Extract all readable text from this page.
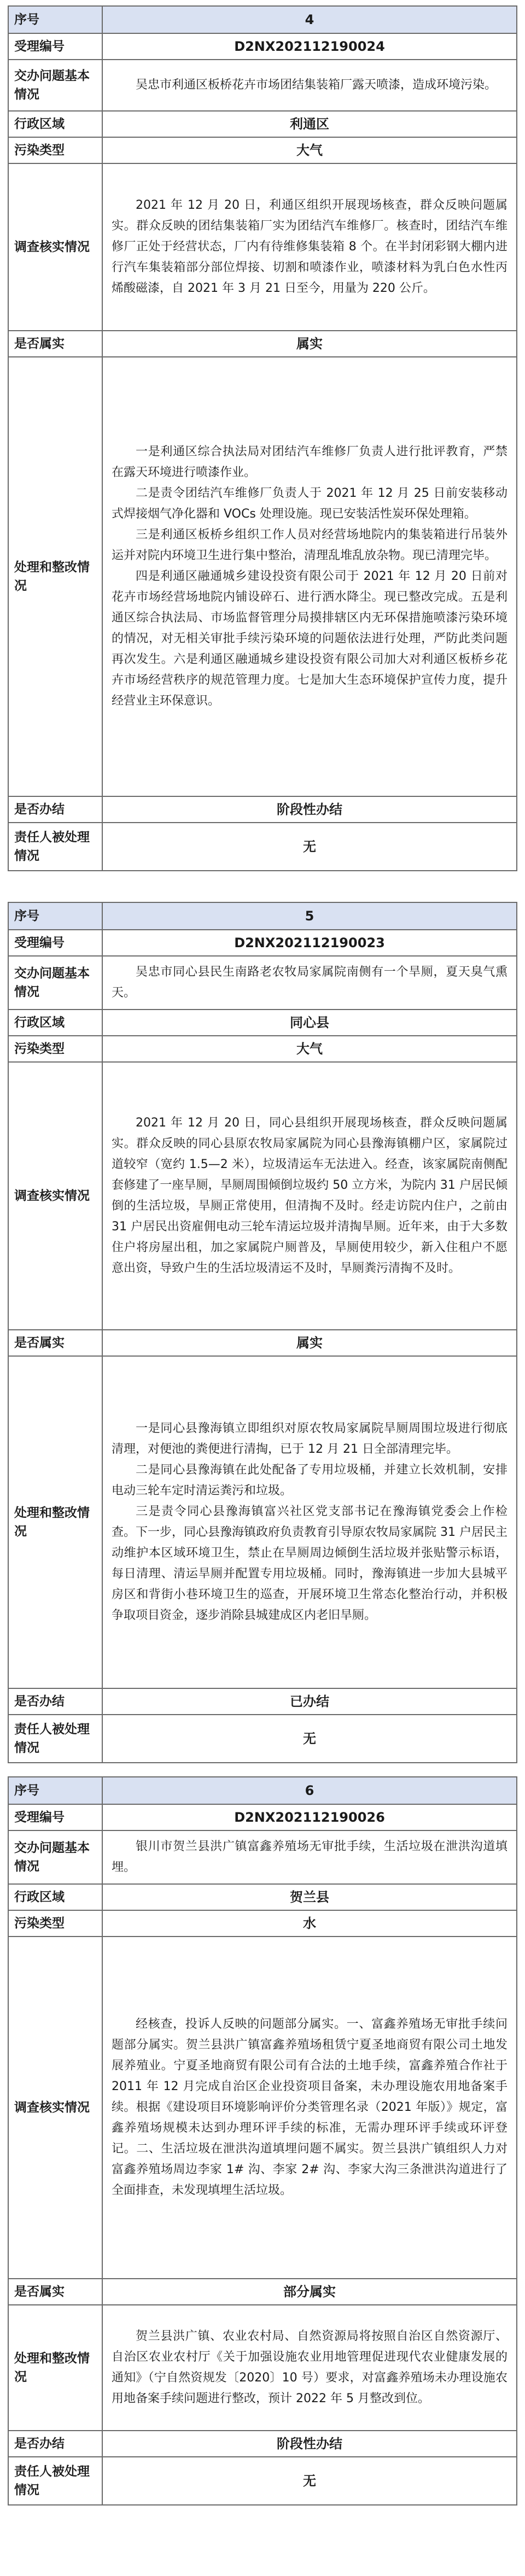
序号	4
受理编号	D2NX202112190024
交办问题基本情况	吴忠市利通区板桥花卉市场团结集装箱厂露天喷漆，造成环境污染。

行政区域	利通区
污染类型	大气
调查核实情况	2021 年 12 月 20 日，利通区组织开展现场核查，群众反映问题属实。群众反映的团结集装箱厂实为团结汽车维修厂。核查时，团结汽车维修厂正处于经营状态，厂内有待维修集装箱 8 个。在半封闭彩钢大棚内进行汽车集装箱部分部位焊接、切割和喷漆作业，喷漆材料为乳白色水性丙烯酸磁漆，自 2021 年 3 月 21 日至今，用量为 220 公斤。

是否属实	属实
处理和整改情况	一是利通区综合执法局对团结汽车维修厂负责人进行批评教育，严禁在露天环境进行喷漆作业。

二是责令团结汽车维修厂负责人于 2021 年 12 月 25 日前安装移动式焊接烟气净化器和 VOCs 处理设施。现已安装活性炭环保处理箱。

三是利通区板桥乡组织工作人员对经营场地院内的集装箱进行吊装外运并对院内环境卫生进行集中整治，清理乱堆乱放杂物。现已清理完毕。

四是利通区融通城乡建设投资有限公司于 2021 年 12 月 20 日前对花卉市场经营场地院内铺设碎石、进行洒水降尘。现已整改完成。五是利通区综合执法局、市场监督管理分局摸排辖区内无环保措施喷漆污染环境的情况，对无相关审批手续污染环境的问题依法进行处理，严防此类问题再次发生。六是利通区融通城乡建设投资有限公司加大对利通区板桥乡花卉市场经营秩序的规范管理力度。七是加大生态环境保护宣传力度，提升经营业主环保意识。

是否办结	阶段性办结
责任人被处理情况	无
序号	5
受理编号	D2NX202112190023
交办问题基本情况	吴忠市同心县民生南路老农牧局家属院南侧有一个旱厕，夏天臭气熏天。

行政区域	同心县
污染类型	大气
调查核实情况	2021 年 12 月 20 日，同心县组织开展现场核查，群众反映问题属实。群众反映的同心县原农牧局家属院为同心县豫海镇棚户区，家属院过道较窄（宽约 1.5—2 米），垃圾清运车无法进入。经查，该家属院南侧配套修建了一座旱厕，旱厕周围倾倒垃圾约 50 立方米，为院内 31 户居民倾倒的生活垃圾，旱厕正常使用，但清掏不及时。经走访院内住户，之前由 31 户居民出资雇佣电动三轮车清运垃圾并清掏旱厕。近年来，由于大多数住户将房屋出租，加之家属院户厕普及，旱厕使用较少，新入住租户不愿意出资，导致户生的生活垃圾清运不及时，旱厕粪污清掏不及时。

是否属实	属实
处理和整改情况	一是同心县豫海镇立即组织对原农牧局家属院旱厕周围垃圾进行彻底清理，对便池的粪便进行清掏，已于 12 月 21 日全部清理完毕。

二是同心县豫海镇在此处配备了专用垃圾桶，并建立长效机制，安排电动三轮车定时清运粪污和垃圾。

三是责令同心县豫海镇富兴社区党支部书记在豫海镇党委会上作检查。下一步，同心县豫海镇政府负责教育引导原农牧局家属院 31 户居民主动维护本区域环境卫生，禁止在旱厕周边倾倒生活垃圾并张贴警示标语，每日清理、清运旱厕并配置专用垃圾桶。同时，豫海镇进一步加大县城平房区和背街小巷环境卫生的巡查，开展环境卫生常态化整治行动，并积极争取项目资金，逐步消除县城建成区内老旧旱厕。

是否办结	已办结
责任人被处理情况	无
序号	6
受理编号	D2NX202112190026
交办问题基本情况	银川市贺兰县洪广镇富鑫养殖场无审批手续，生活垃圾在泄洪沟道填埋。

行政区域	贺兰县
污染类型	水
调查核实情况	经核查，投诉人反映的问题部分属实。一、富鑫养殖场无审批手续问题部分属实。贺兰县洪广镇富鑫养殖场租赁宁夏圣地商贸有限公司土地发展养殖业。宁夏圣地商贸有限公司有合法的土地手续，富鑫养殖合作社于 2011 年 12 月完成自治区企业投资项目备案，未办理设施农用地备案手续。根据《建设项目环境影响评价分类管理名录（2021 年版）》规定，富鑫养殖场规模未达到办理环评手续的标准，无需办理环评手续或环评登记。二、生活垃圾在泄洪沟道填埋问题不属实。贺兰县洪广镇组织人力对富鑫养殖场周边李家 1# 沟、李家 2# 沟、李家大沟三条泄洪沟道进行了全面排查，未发现填埋生活垃圾。

是否属实	部分属实
处理和整改情况	贺兰县洪广镇、农业农村局、自然资源局将按照自治区自然资源厅、自治区农业农村厅《关于加强设施农业用地管理促进现代农业健康发展的通知》（宁自然资规发〔2020〕10 号）要求，对富鑫养殖场未办理设施农用地备案手续问题进行整改，预计 2022 年 5 月整改到位。

是否办结	阶段性办结
责任人被处理情况	无
